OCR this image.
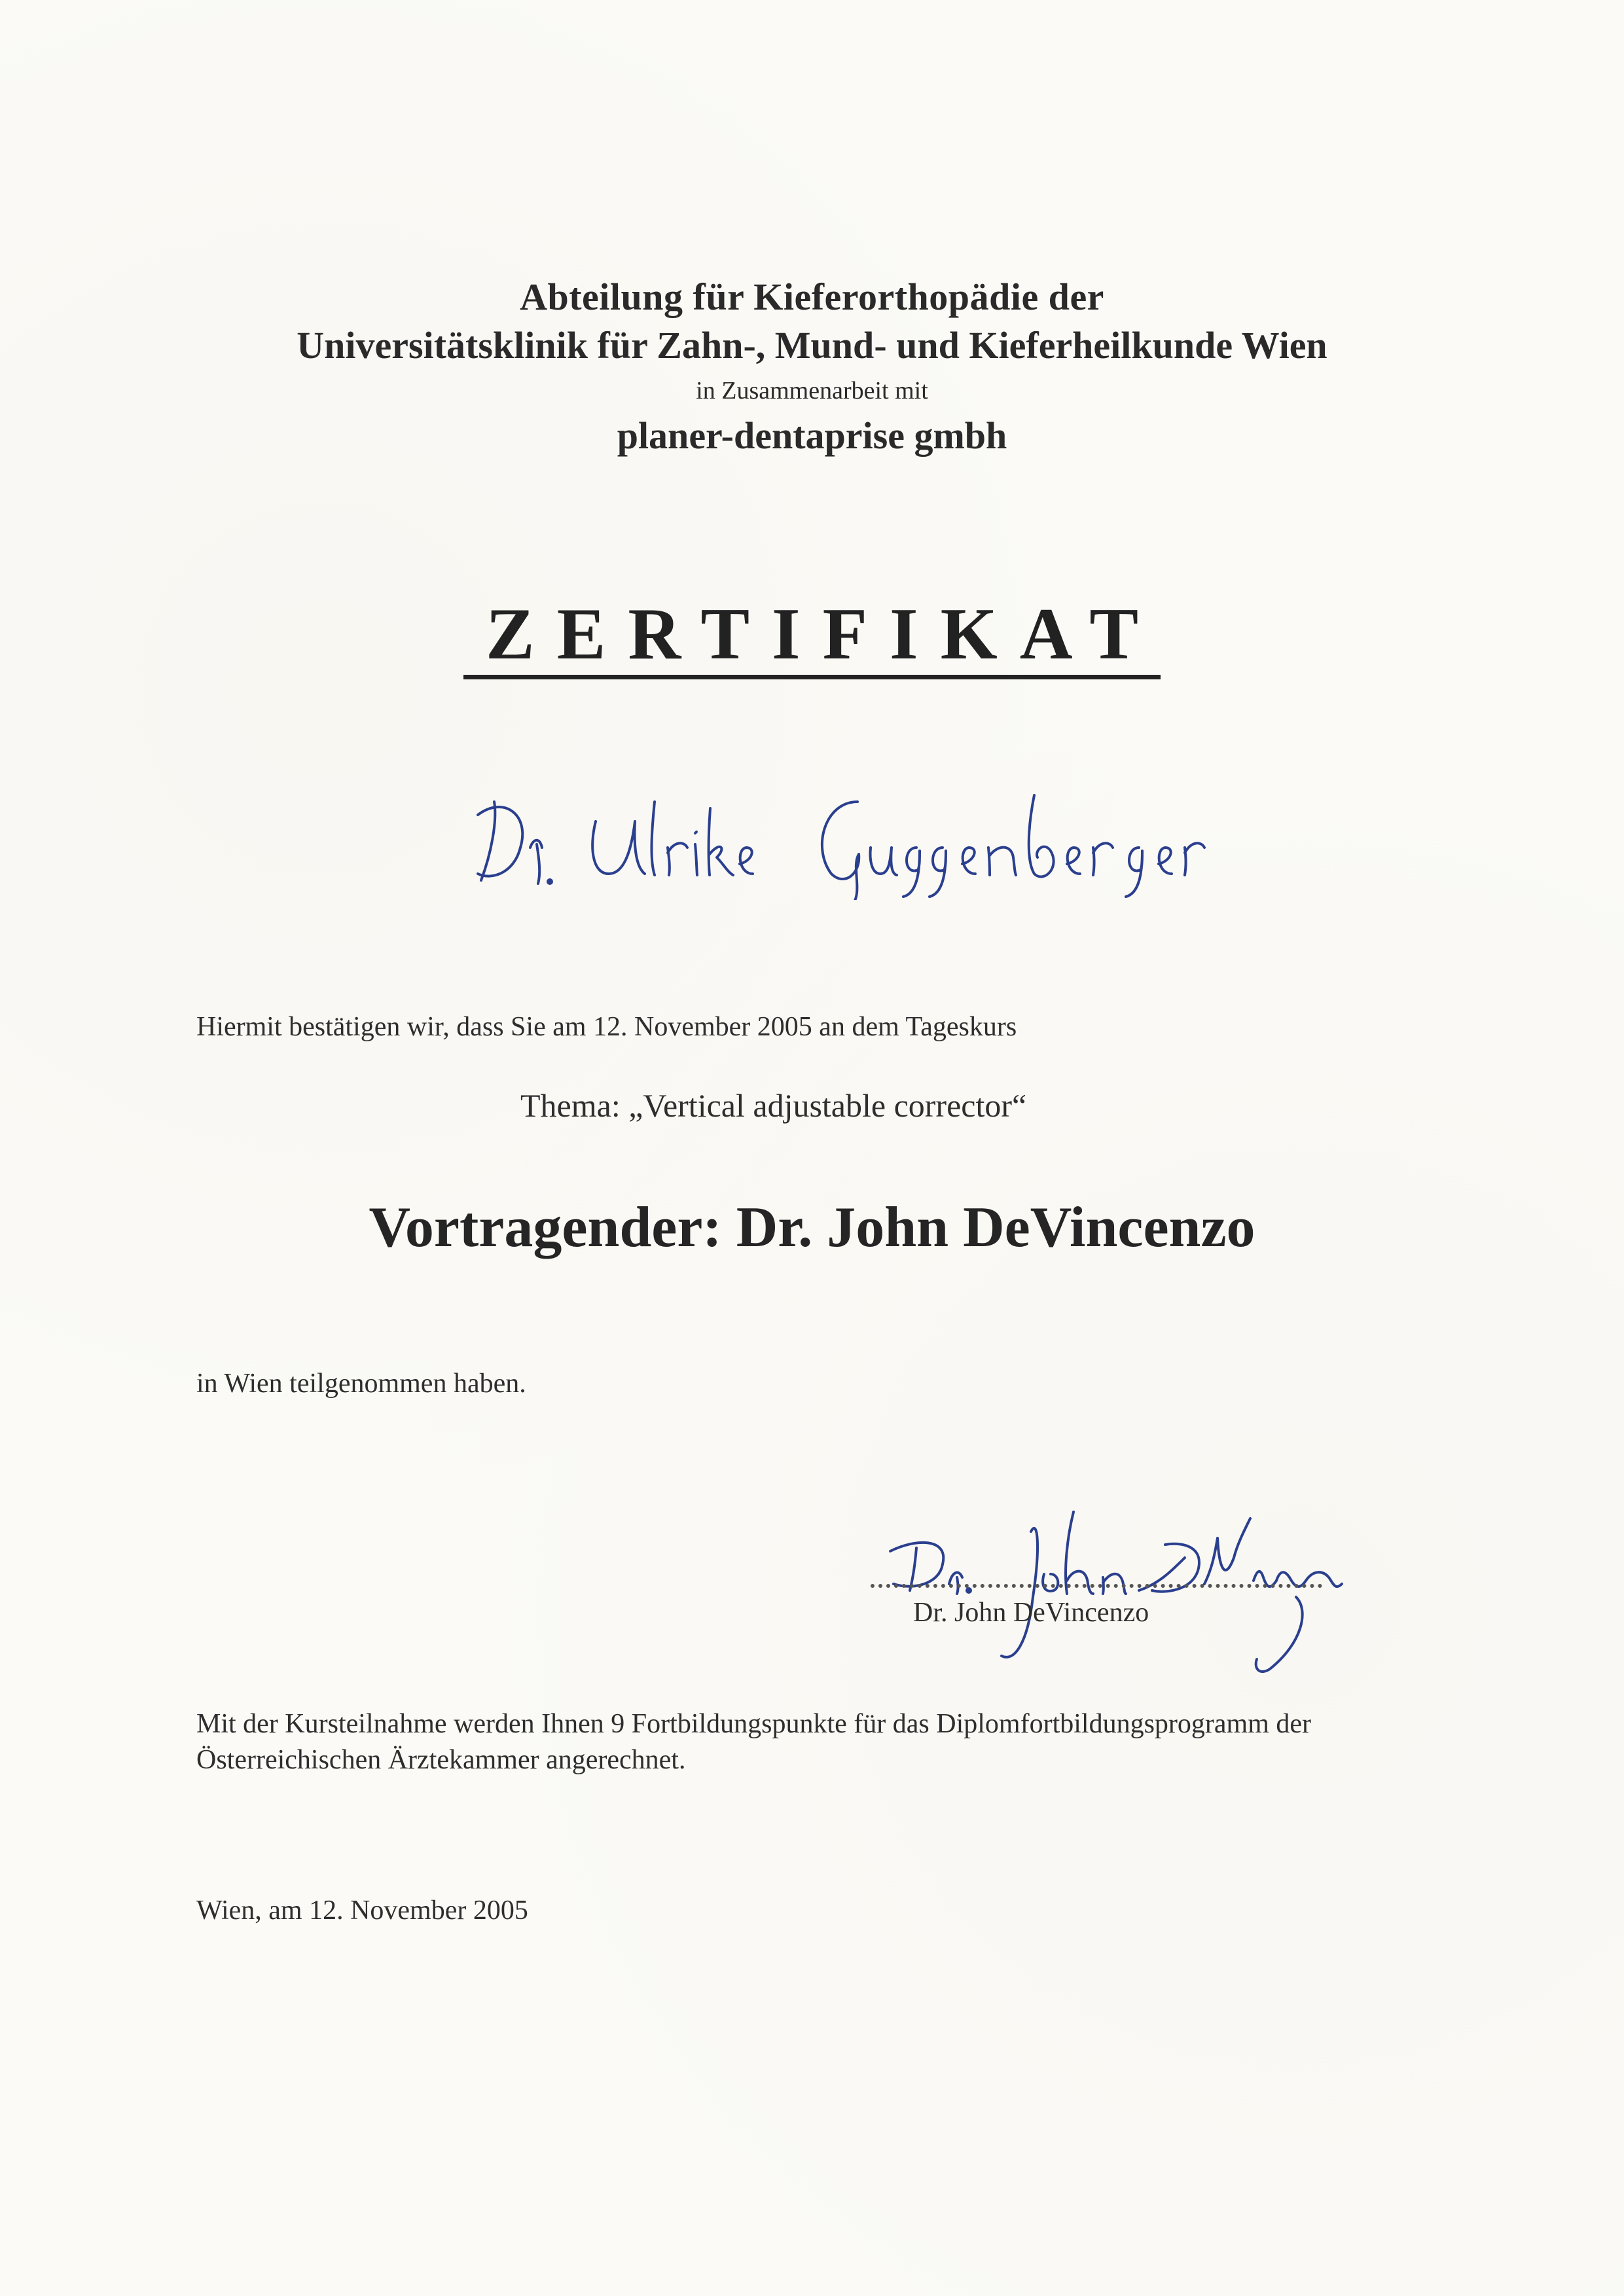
Abteilung für Kieferorthopädie der
Universitätsklinik für Zahn-, Mund- und Kieferheilkunde Wien
in Zusammenarbeit mit
planer-dentaprise gmbh
ZERTIFIKAT
Hiermit bestätigen wir, dass Sie am 12. November 2005 an dem Tageskurs
Thema: „Vertical adjustable corrector“
Vortragender: Dr. John DeVincenzo
in Wien teilgenommen haben.
Dr. John DeVincenzo
Mit der Kursteilnahme werden Ihnen 9 Fortbildungspunkte für das Diplomfortbildungsprogramm der
Österreichischen Ärztekammer angerechnet.
Wien, am 12. November 2005
